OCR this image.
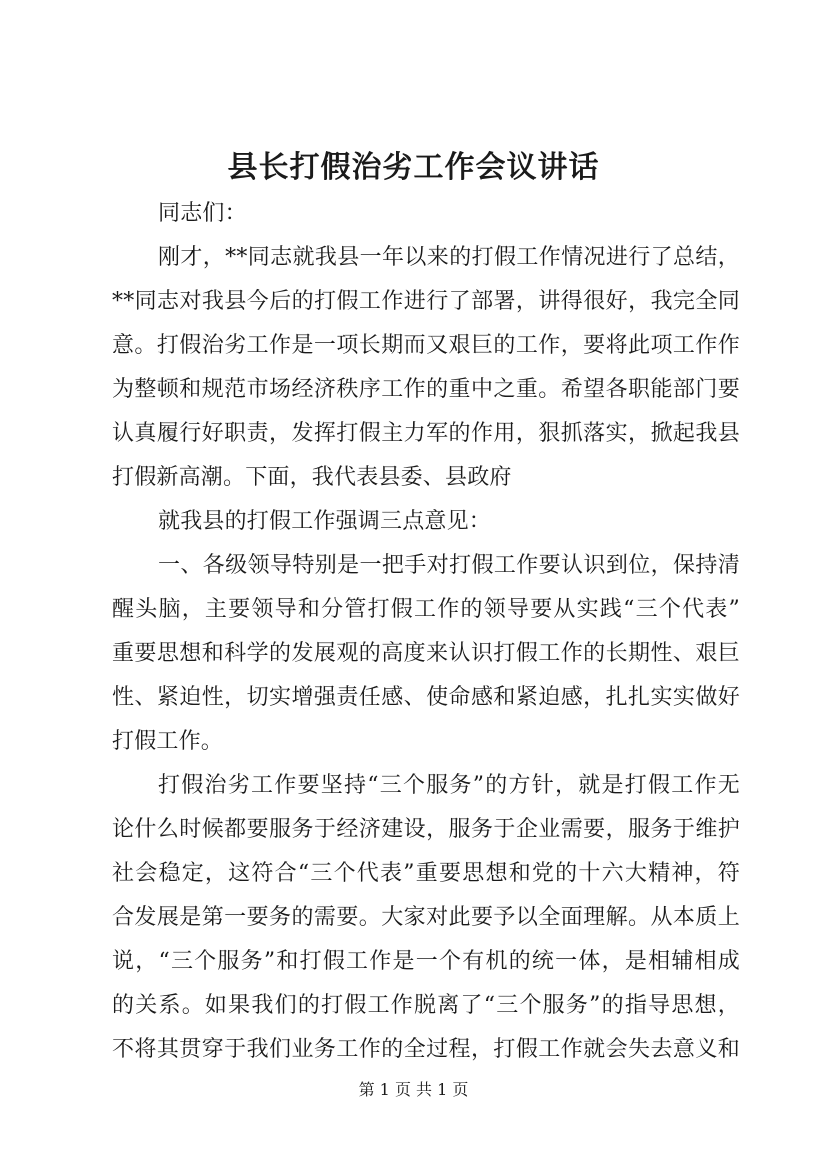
县长打假治劣工作会议讲话
同志们：
刚才，**同志就我县一年以来的打假工作情况进行了总结，
**同志对我县今后的打假工作进行了部署，讲得很好，我完全同
意。打假治劣工作是一项长期而又艰巨的工作，要将此项工作作
为整顿和规范市场经济秩序工作的重中之重。希望各职能部门要
认真履行好职责，发挥打假主力军的作用，狠抓落实，掀起我县
打假新高潮。下面，我代表县委、县政府
就我县的打假工作强调三点意见：
一、各级领导特别是一把手对打假工作要认识到位，保持清
醒头脑，主要领导和分管打假工作的领导要从实践“三个代表”
重要思想和科学的发展观的高度来认识打假工作的长期性、艰巨
性、紧迫性，切实增强责任感、使命感和紧迫感，扎扎实实做好
打假工作。
打假治劣工作要坚持“三个服务”的方针，就是打假工作无
论什么时候都要服务于经济建设，服务于企业需要，服务于维护
社会稳定，这符合“三个代表”重要思想和党的十六大精神，符
合发展是第一要务的需要。大家对此要予以全面理解。从本质上
说，“三个服务”和打假工作是一个有机的统一体，是相辅相成
的关系。如果我们的打假工作脱离了“三个服务”的指导思想，
不将其贯穿于我们业务工作的全过程，打假工作就会失去意义和
第 1 页 共 1 页
